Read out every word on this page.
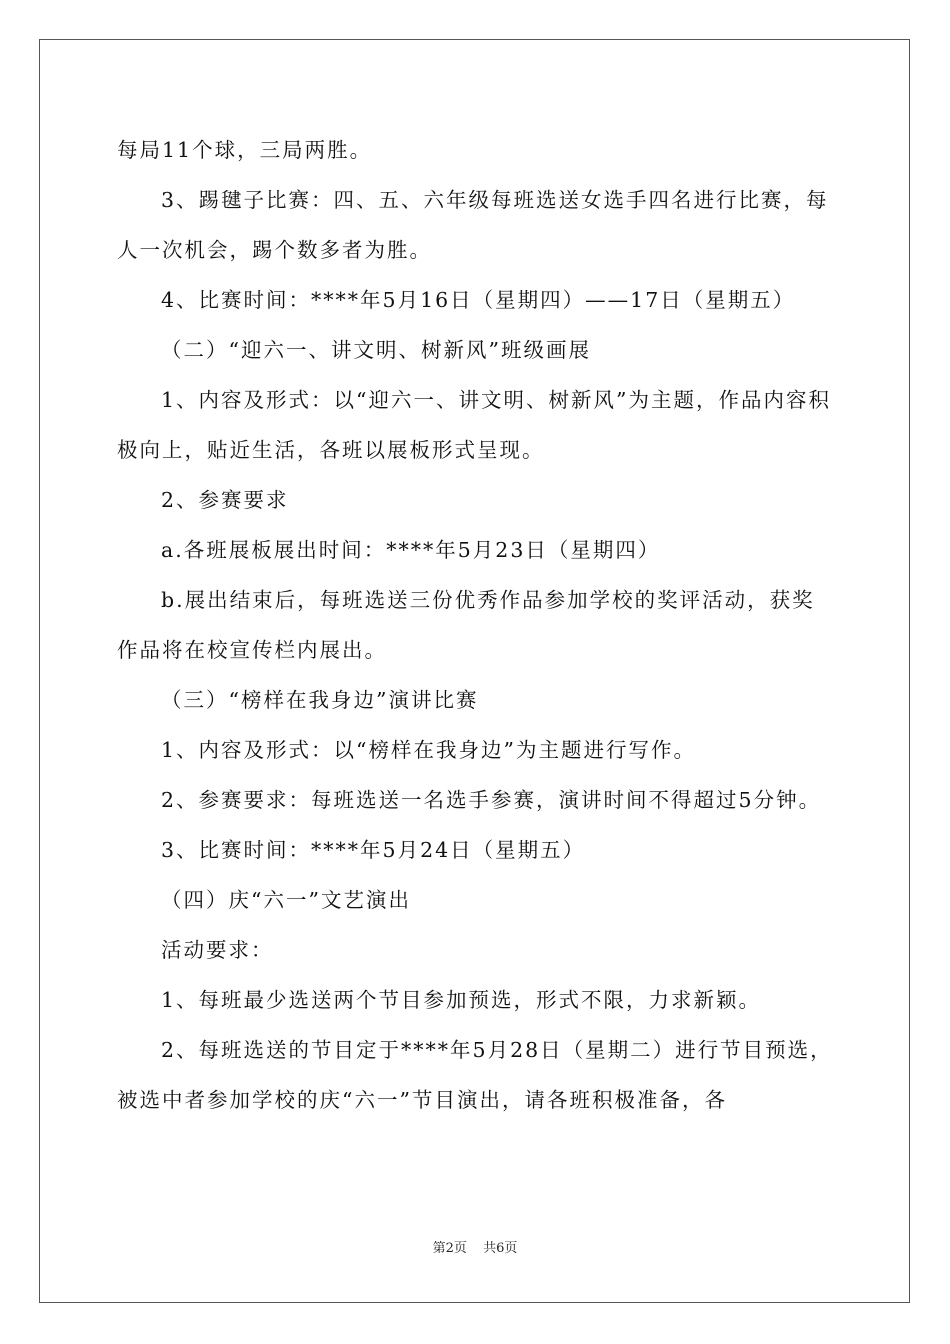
每局11个球，三局两胜。

3、踢毽子比赛：四、五、六年级每班选送女选手四名进行比赛，每人一次机会，踢个数多者为胜。

4、比赛时间：****年5月16日（星期四）——17日（星期五）

（二）“迎六一、讲文明、树新风”班级画展

1、内容及形式：以“迎六一、讲文明、树新风”为主题，作品内容积极向上，贴近生活，各班以展板形式呈现。

2、参赛要求

a.各班展板展出时间：****年5月23日（星期四）

b.展出结束后，每班选送三份优秀作品参加学校的奖评活动，获奖作品将在校宣传栏内展出。

（三）“榜样在我身边”演讲比赛

1、内容及形式：以“榜样在我身边”为主题进行写作。

2、参赛要求：每班选送一名选手参赛，演讲时间不得超过5分钟。

3、比赛时间：****年5月24日（星期五）

（四）庆“六一”文艺演出

活动要求：

1、每班最少选送两个节目参加预选，形式不限，力求新颖。

2、每班选送的节目定于****年5月28日（星期二）进行节目预选，被选中者参加学校的庆“六一”节目演出，请各班积极准备，各

第2页 共6页
